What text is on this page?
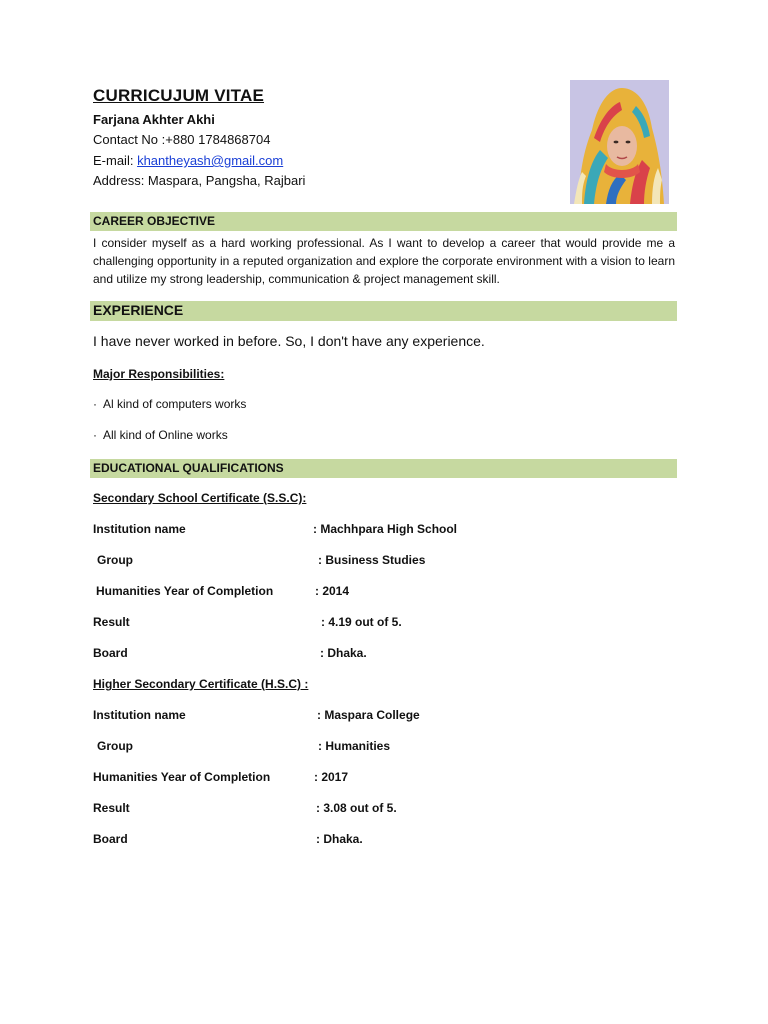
CURRICUJUM VITAE
Farjana Akhter Akhi
Contact No :+880 1784868704
E-mail: khantheyash@gmail.com
Address: Maspara, Pangsha, Rajbari
CAREER OBJECTIVE
I consider myself as a hard working professional. As I want to develop a career that would provide me a challenging opportunity in a reputed organization and explore the corporate environment with a vision to learn and utilize my strong leadership, communication & project management skill.
EXPERIENCE
I have never worked in before. So, I don't have any experience.
Major Responsibilities:
· Al kind of computers works
· All kind of Online works
EDUCATIONAL QUALIFICATIONS
Secondary School Certificate (S.S.C):
Institution name	: Machhpara High School
Group	: Business Studies
Humanities Year of Completion	: 2014
Result	: 4.19 out of 5.
Board	: Dhaka.
Higher Secondary Certificate (H.S.C) :
Institution name	: Maspara College
Group	: Humanities
Humanities Year of Completion	: 2017
Result	: 3.08 out of 5.
Board	: Dhaka.
